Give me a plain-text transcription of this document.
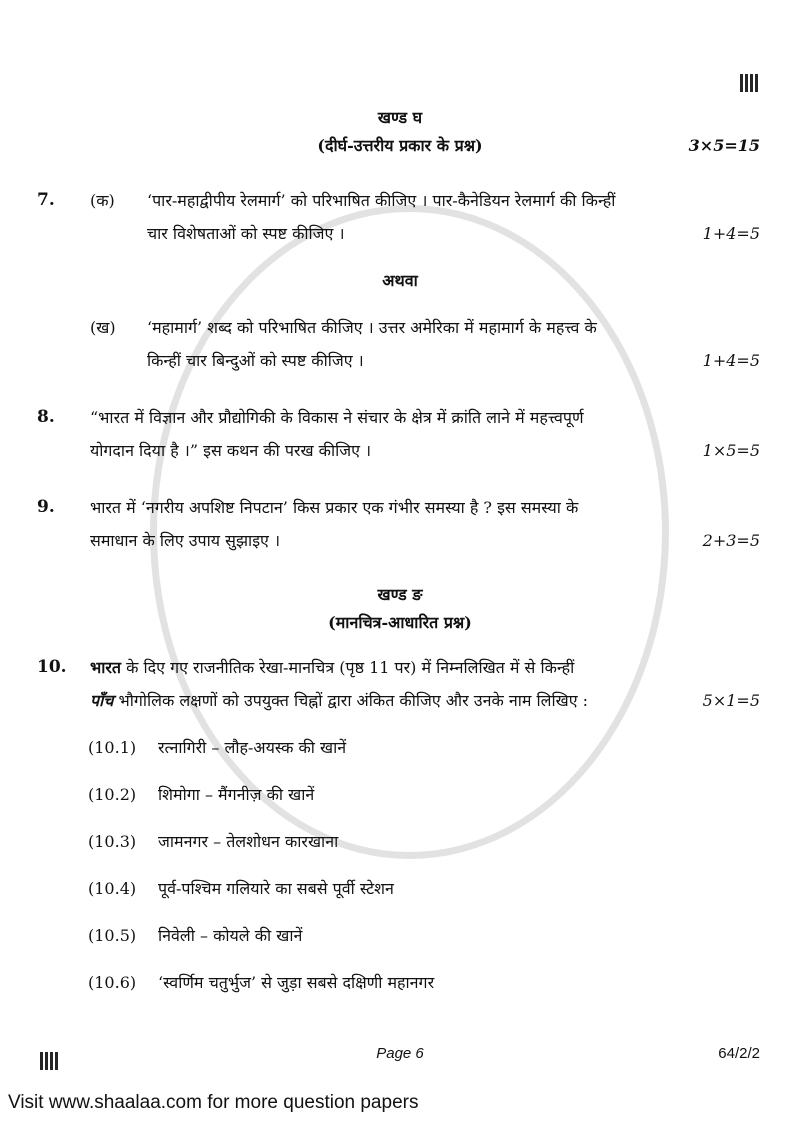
खण्ड घ
(दीर्घ-उत्तरीय प्रकार के प्रश्न)	3×5=15
7.	(क)	‘पार-महाद्वीपीय रेलमार्ग’ को परिभाषित कीजिए । पार-कैनेडियन रेलमार्ग की किन्हीं
चार विशेषताओं को स्पष्ट कीजिए ।	1+4=5
अथवा
(ख)	‘महामार्ग’ शब्द को परिभाषित कीजिए । उत्तर अमेरिका में महामार्ग के महत्त्व के
किन्हीं चार बिन्दुओं को स्पष्ट कीजिए ।	1+4=5
8.	“भारत में विज्ञान और प्रौद्योगिकी के विकास ने संचार के क्षेत्र में क्रांति लाने में महत्त्वपूर्ण
योगदान दिया है ।” इस कथन की परख कीजिए ।	1×5=5
9.	भारत में ‘नगरीय अपशिष्ट निपटान’ किस प्रकार एक गंभीर समस्या है ? इस समस्या के
समाधान के लिए उपाय सुझाइए ।	2+3=5
खण्ड ङ
(मानचित्र-आधारित प्रश्न)
10.	भारत के दिए गए राजनीतिक रेखा-मानचित्र (पृष्ठ 11 पर) में निम्नलिखित में से किन्हीं
पाँच भौगोलिक लक्षणों को उपयुक्त चिह्नों द्वारा अंकित कीजिए और उनके नाम लिखिए :	5×1=5
(10.1)	रत्नागिरी – लौह-अयस्क की खानें
(10.2)	शिमोगा – मैंगनीज़ की खानें
(10.3)	जामनगर – तेलशोधन कारखाना
(10.4)	पूर्व-पश्चिम गलियारे का सबसे पूर्वी स्टेशन
(10.5)	निवेली – कोयले की खानें
(10.6)	‘स्वर्णिम चतुर्भुज’ से जुड़ा सबसे दक्षिणी महानगर
Page 6	64/2/2
Visit www.shaalaa.com for more question papers
